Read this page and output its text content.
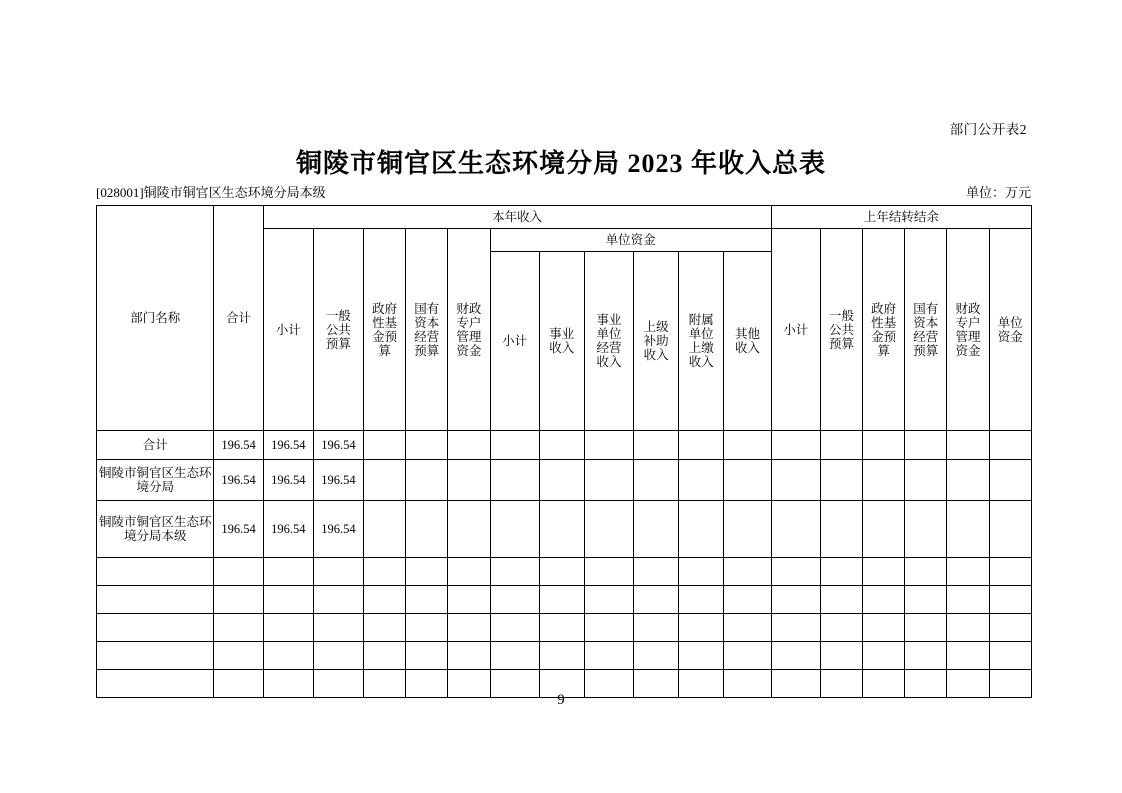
部门公开表2
铜陵市铜官区生态环境分局 2023 年收入总表
[028001]铜陵市铜官区生态环境分局本级	单位：万元
部门名称	合计	本年收入											上年结转结余					

		小计	一般公共预算	政府性基金预算	国有资本经营预算	财政专户管理资金	单位资金						小计	一般公共预算	政府性基金预算	国有资本经营预算	财政专户管理资金	单位资金

							小计	事业收入	事业单位经营收入	上级补助收入	附属单位上缴收入	其他收入						

合计	196.54	196.54	196.54															
铜陵市铜官区生态环境分局	196.54	196.54	196.54															
铜陵市铜官区生态环境分局本级	196.54	196.54	196.54															

9
